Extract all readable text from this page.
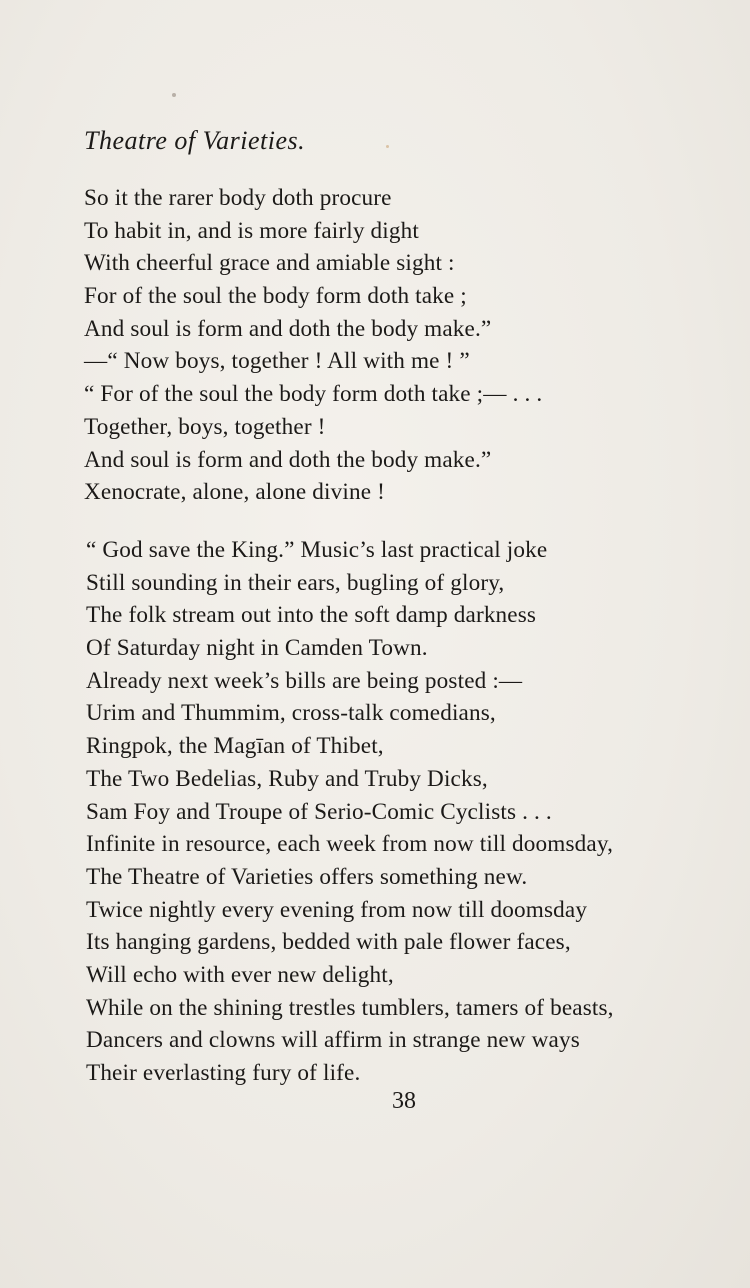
Theatre of Varieties.
So it the rarer body doth procure
To habit in, and is more fairly dight
With cheerful grace and amiable sight :
For of the soul the body form doth take ;
And soul is form and doth the body make.”
—“ Now boys, together ! All with me ! ”
“ For of the soul the body form doth take ;— . . .
Together, boys, together !
And soul is form and doth the body make.”
Xenocrate, alone, alone divine !
“ God save the King.” Music’s last practical joke
Still sounding in their ears, bugling of glory,
The folk stream out into the soft damp darkness
Of Saturday night in Camden Town.
Already next week’s bills are being posted :—
Urim and Thummim, cross-talk comedians,
Ringpok, the Magīan of Thibet,
The Two Bedelias, Ruby and Truby Dicks,
Sam Foy and Troupe of Serio-Comic Cyclists . . .
Infinite in resource, each week from now till doomsday,
The Theatre of Varieties offers something new.
Twice nightly every evening from now till doomsday
Its hanging gardens, bedded with pale flower faces,
Will echo with ever new delight,
While on the shining trestles tumblers, tamers of beasts,
Dancers and clowns will affirm in strange new ways
Their everlasting fury of life.
38
